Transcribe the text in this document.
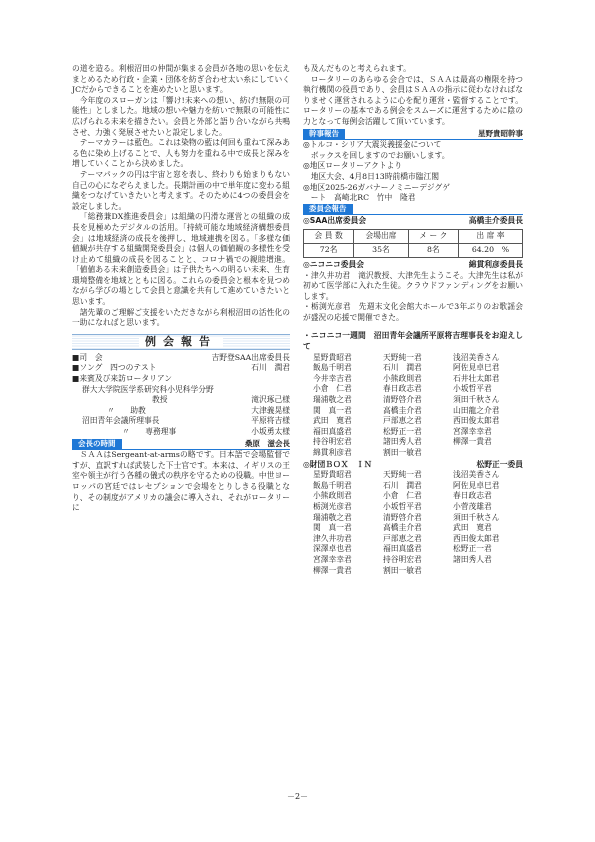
の道を造る。利根沼田の仲間が集まる会員が各地の思いを伝えまとめるため行政・企業・団体を紡ぎ合わせ太い糸にしていくJCだからできることを進めたいと思います。

今年度のスローガンは「響け!未来への想い、紡げ!無限の可能性」としました。地域の想いや魅力を紡いで無限の可能性に広げられる未来を描きたい。会員と外部と語り合いながら共鳴させ、力強く発展させたいと設定しました。

テーマカラーは藍色。これは染物の藍は何回も重ねて深みある色に染め上げることで、人も努力を重ねる中で成長と深みを増していくことから決めました。

テーマパックの円は宇宙と窓を表し、終わりも始まりもない自己の心になぞらえました。長期計画の中で単年度に変わる組織をつなげていきたいと考えます。そのために4つの委員会を設定しました。

「総務兼DX推進委員会」は組織の円滑な運営との組織の成長を見極めたデジタルの活用。「持続可能な地域経済構想委員会」は地域経済の成長を後押し、地域連携を図る。「多様な価値観が共存する組織開発委員会」は個人の価値観の多様性を受け止めて組織の成長を図ることと、コロナ禍での親睦增進。「値値ある未来創造委員会」は子供たちへの明るい未来、生育環境整備を地域とともに図る。これらの委員会と根本を見つめながら学びの場として会員と意識を共有して進めていきたいと思います。

諸先輩のご理解ご支援をいただきながら利根沼田の活性化の一助になればと思います。

例会報告
■司　会	吉野登SAA出席委員長
■ソング　四つのテスト	石川　潤君
■来賓及び来訪ロータリアン
群大大学院医学系研究科小児科学分野
教授	滝沢琢己様
〃　　助教	大津義晃様
沼田青年会議所理事長	平原将吉様
〃　　専務理事	小坂勇太様
会長の時間	桑原　滋会長

ＳＡＡはSergeant-at-armsの略です。日本語で会場監督ですが、直訳すれば武装した下士官です。本来は、イギリスの王室や領主が行う各種の儀式の秩序を守るための役職。中世ヨーロッパの宮廷ではレセプションで会場をとりしきる役職となり、その制度がアメリカの議会に導入され、それがロータリーに

も及んだものと考えられます。

ロータリーのあらゆる会合では、ＳＡＡは最高の権限を持つ執行機関の役員であり、会員はＳＡＡの指示に従わなければなりませく運営されるように心を配り運営・監督することです。ロータリーの基本である例会をスムーズに運営するために陰の力となって毎例会活躍して頂いています。

幹事報告	星野貴昭幹事
◎トルコ・シリア大震災義援金について
　ボックスを回しますのでお願いします。
◎地区ロータリーアクトより
　地区大会、4月8日13時前橋市臨江閣
◎地区2025-26ガバナーノミニーデジグゲ
　ート　高崎北RC　竹中　隆君
委員会報告
◎SAA出席委員会	高橋圭介委員長
会 員 数	会場出席	メ ー ク	出 席 率
72名	35名	8名	64.20　%
◎ニコニコ委員会	綿貫利彦委員長

・津久井功君　滝沢教授、大津先生ようこそ。大津先生は私が初めて医学部に入れた生徒。クラウドファンディングをお願いします。

・栃渕光彦君　先週末文化会館大ホールで3年ぶりのお歌謡会が盛況の応援で開催できた。

・ニコニコ一週間　沼田青年会議所平原将吉理事長をお迎えして

星野貴昭君	天野純一君	浅沼美香さん
飯島千明君	石川　潤君	阿佐見卓巳君
今井幸吉君	小熊政則君	石井壮太郎君
小倉　仁君	春日政志君	小坂哲平君
瑞浦敬之君	清野啓介君	須田千秋さん
関　真一君	高橋圭介君	山田龍之介君
武田　寛君	戸部恵之君	西田俊太郎君
福田真盛君	松野正一君	宮澤幸幸君
持谷明宏君	諸田秀人君	柳澤一貴君
綿貫利彦君	割田一敏君
◎財団ＢＯＸ　ＩＮ	松野正一委員
星野貴昭君	天野純一君	浅沼美香さん
飯島千明君	石川　潤君	阿佐見卓巳君
小熊政則君	小倉　仁君	春日政志君
栃渕光彦君	小坂哲平君	小菅茂雄君
瑞浦敬之君	清野啓介君	須田千秋さん
関　真一君	高橋圭介君	武田　寛君
津久井功君	戸部恵之君	西田俊太郎君
深澤卓也君	福田真盛君	松野正一君
宮澤幸幸君	持谷明宏君	諸田秀人君
柳澤一貴君	割田一敏君
－2－
